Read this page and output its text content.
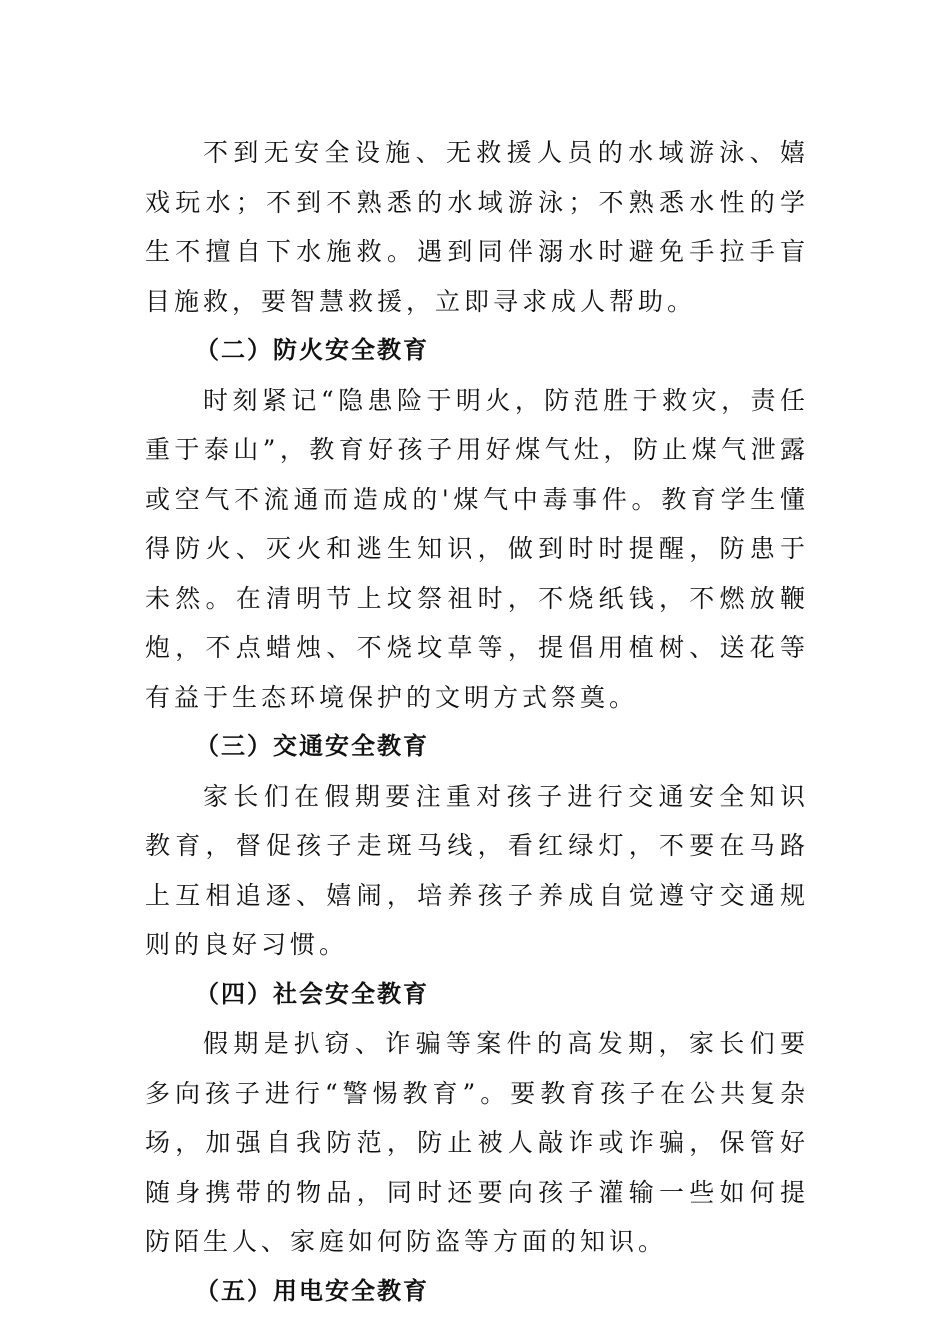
不到无安全设施、无救援人员的水域游泳、嬉戏玩水；不到不熟悉的水域游泳；不熟悉水性的学生不擅自下水施救。遇到同伴溺水时避免手拉手盲目施救，要智慧救援，立即寻求成人帮助。

（二）防火安全教育

时刻紧记“隐患险于明火，防范胜于救灾，责任重于泰山”，教育好孩子用好煤气灶，防止煤气泄露或空气不流通而造成的'煤气中毒事件。教育学生懂得防火、灭火和逃生知识，做到时时提醒，防患于未然。在清明节上坟祭祖时，不烧纸钱，不燃放鞭炮，不点蜡烛、不烧坟草等，提倡用植树、送花等有益于生态环境保护的文明方式祭奠。

（三）交通安全教育

家长们在假期要注重对孩子进行交通安全知识教育，督促孩子走斑马线，看红绿灯，不要在马路上互相追逐、嬉闹，培养孩子养成自觉遵守交通规则的良好习惯。

（四）社会安全教育

假期是扒窃、诈骗等案件的高发期，家长们要多向孩子进行“警惕教育”。要教育孩子在公共复杂场，加强自我防范，防止被人敲诈或诈骗，保管好随身携带的物品，同时还要向孩子灌输一些如何提防陌生人、家庭如何防盗等方面的知识。

（五）用电安全教育
